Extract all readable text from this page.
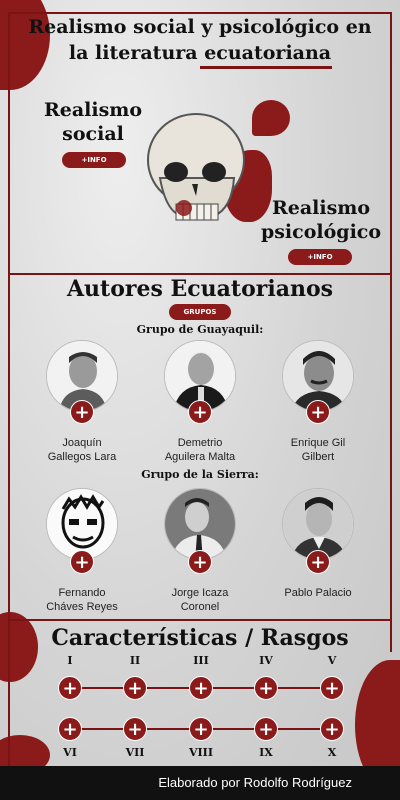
Realismo social y psicológico en
la literatura ecuatoriana
Realismo
social
+INFO
Realismo
psicológico
+INFO
Autores Ecuatorianos
GRUPOS
Grupo de Guayaquil:
+	+	+
Joaquín
Gallegos Lara
Demetrio
Aguilera Malta
Enrique Gil
Gilbert
Grupo de la Sierra:
+	+	+
Fernando
Cháves Reyes
Jorge Icaza
Coronel
Pablo Palacio
Características / Rasgos
I	II	III	IV	V
+	+	+	+	+
+	+	+	+	+
VI	VII	VIII	IX	X
Elaborado por Rodolfo Rodríguez
